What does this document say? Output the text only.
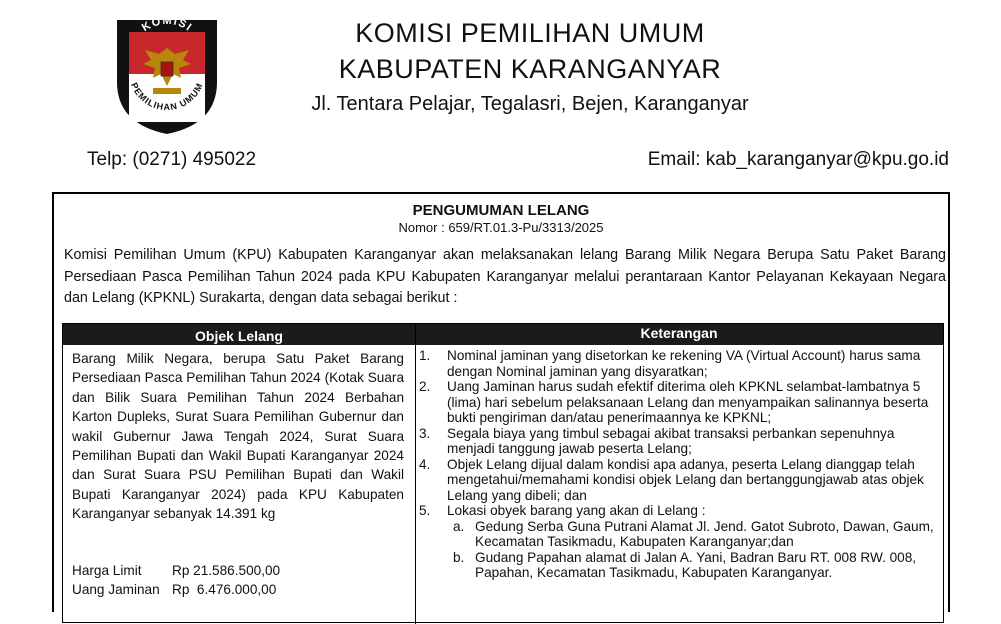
KOMISI
PEMILIHAN UMUM
KOMISI PEMILIHAN UMUM
KABUPATEN KARANGANYAR
Jl. Tentara Pelajar, Tegalasri, Bejen, Karanganyar
Telp: (0271) 495022	Email: kab_karanganyar@kpu.go.id
PENGUMUMAN LELANG
Nomor : 659/RT.01.3-Pu/3313/2025
Komisi Pemilihan Umum (KPU) Kabupaten Karanganyar akan melaksanakan lelang Barang Milik Negara Berupa Satu Paket Barang Persediaan Pasca Pemilihan Tahun 2024 pada KPU Kabupaten Karanganyar melalui perantaraan Kantor Pelayanan Kekayaan Negara dan Lelang (KPKNL) Surakarta, dengan data sebagai berikut :
Objek Lelang	Keterangan
Barang Milik Negara, berupa Satu Paket Barang Persediaan Pasca Pemilihan Tahun 2024 (Kotak Suara dan Bilik Suara Pemilihan Tahun 2024 Berbahan Karton Dupleks, Surat Suara Pemilihan Gubernur dan wakil Gubernur Jawa Tengah 2024, Surat Suara Pemilihan Bupati dan Wakil Bupati Karanganyar 2024 dan Surat Suara PSU Pemilihan Bupati dan Wakil Bupati Karanganyar 2024) pada KPU Kabupaten Karanganyar sebanyak 14.391 kg
Harga Limit Rp 21.586.500,00
Uang Jaminan Rp  6.476.000,00
1. Nominal jaminan yang disetorkan ke rekening VA (Virtual Account) harus sama dengan Nominal jaminan yang disyaratkan;
2. Uang Jaminan harus sudah efektif diterima oleh KPKNL selambat-lambatnya 5 (lima) hari sebelum pelaksanaan Lelang dan menyampaikan salinannya beserta bukti pengiriman dan/atau penerimaannya ke KPKNL;
3. Segala biaya yang timbul sebagai akibat transaksi perbankan sepenuhnya menjadi tanggung jawab peserta Lelang;
4. Objek Lelang dijual dalam kondisi apa adanya, peserta Lelang dianggap telah mengetahui/memahami kondisi objek Lelang dan bertanggungjawab atas objek Lelang yang dibeli; dan
5. Lokasi obyek barang yang akan di Lelang :
a. Gedung Serba Guna Putrani Alamat Jl. Jend. Gatot Subroto, Dawan, Gaum, Kecamatan Tasikmadu, Kabupaten Karanganyar;dan
b. Gudang Papahan alamat di Jalan A. Yani, Badran Baru RT. 008 RW. 008, Papahan, Kecamatan Tasikmadu, Kabupaten Karanganyar.
